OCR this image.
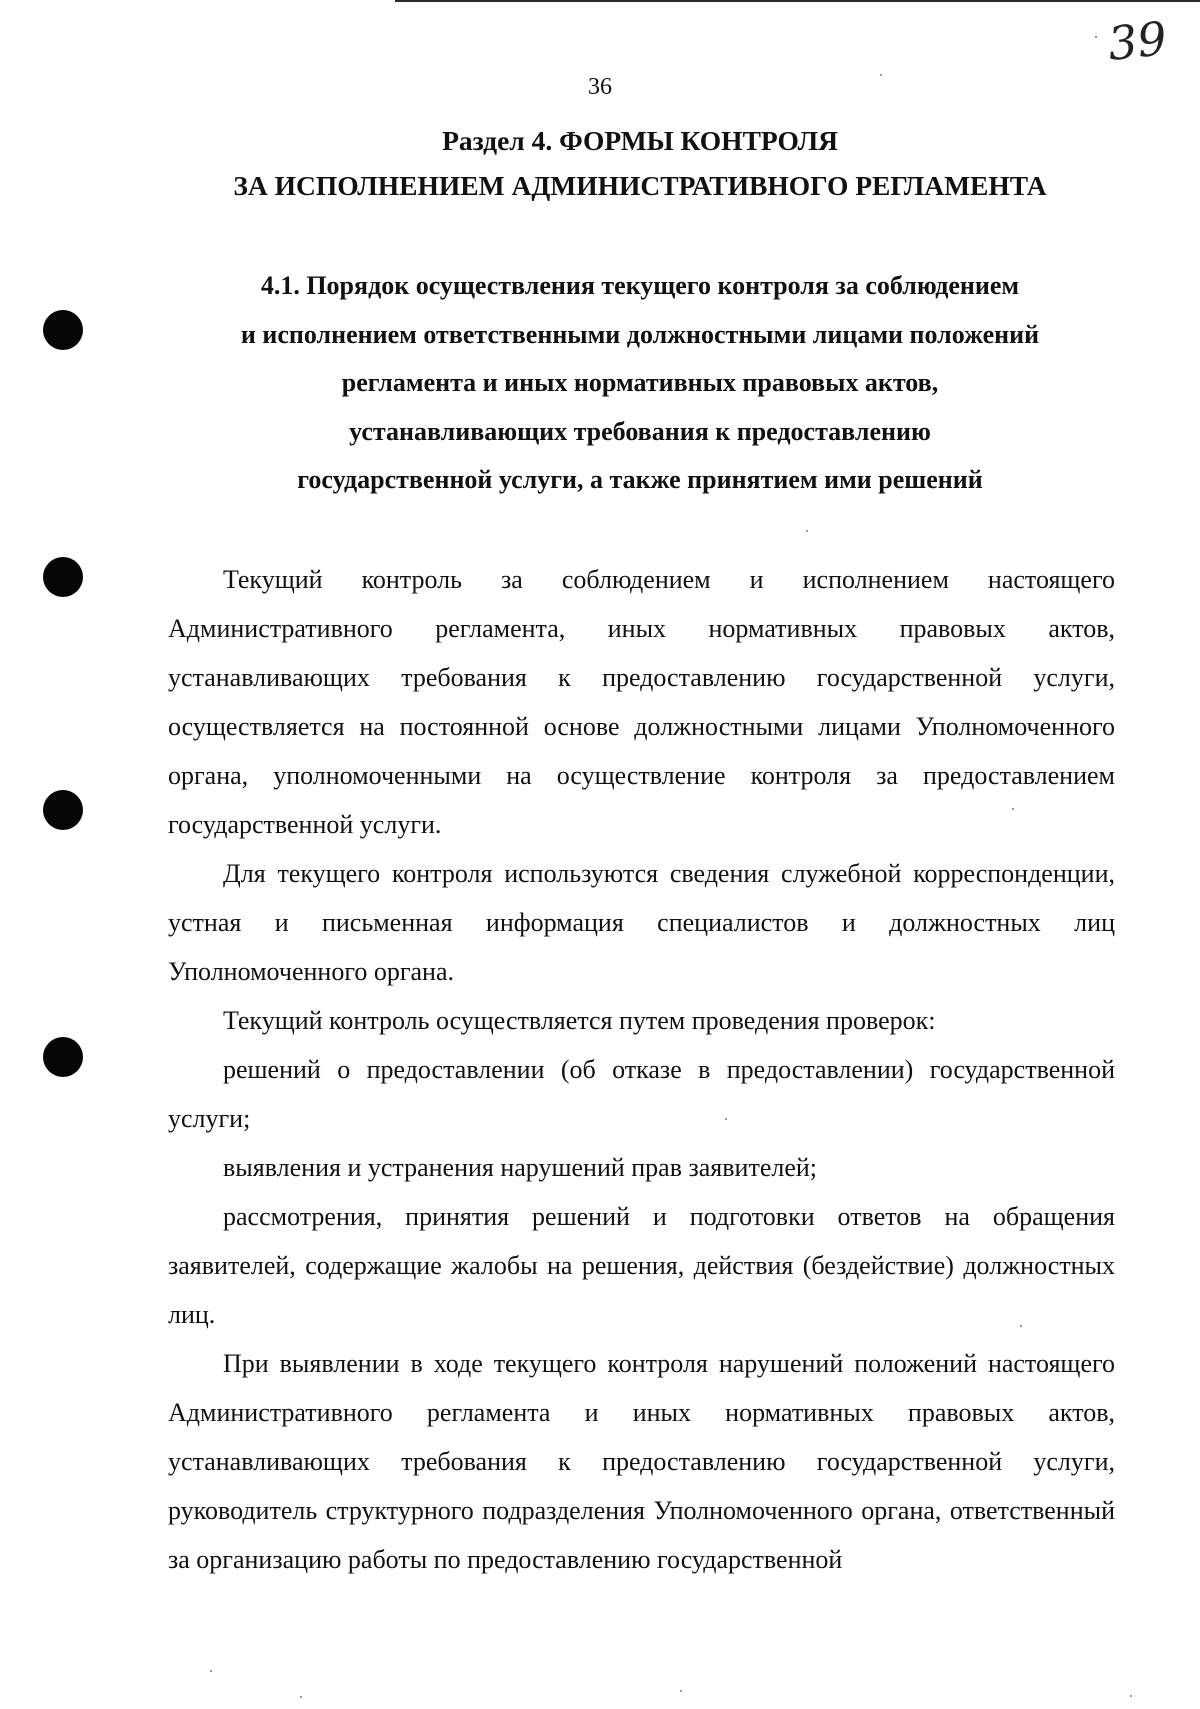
39
36
Раздел 4. ФОРМЫ КОНТРОЛЯ
ЗА ИСПОЛНЕНИЕМ АДМИНИСТРАТИВНОГО РЕГЛАМЕНТА
4.1. Порядок осуществления текущего контроля за соблюдением
и исполнением ответственными должностными лицами положений
регламента и иных нормативных правовых актов,
устанавливающих требования к предоставлению
государственной услуги, а также принятием ими решений

Текущий контроль за соблюдением и исполнением настоящего Административного регламента, иных нормативных правовых актов, устанавливающих требования к предоставлению государственной услуги, осуществляется на постоянной основе должностными лицами Уполномоченного органа, уполномоченными на осуществление контроля за предоставлением государственной услуги.

Для текущего контроля используются сведения служебной корреспонденции, устная и письменная информация специалистов и должностных лиц Уполномоченного органа.

Текущий контроль осуществляется путем проведения проверок:

решений о предоставлении (об отказе в предоставлении) государственной услуги;

выявления и устранения нарушений прав заявителей;

рассмотрения, принятия решений и подготовки ответов на обращения заявителей, содержащие жалобы на решения, действия (бездействие) должностных лиц.

При выявлении в ходе текущего контроля нарушений положений настоящего Административного регламента и иных нормативных правовых актов, устанавливающих требования к предоставлению государственной услуги, руководитель структурного подразделения Уполномоченного органа, ответственный за организацию работы по предоставлению государственной
